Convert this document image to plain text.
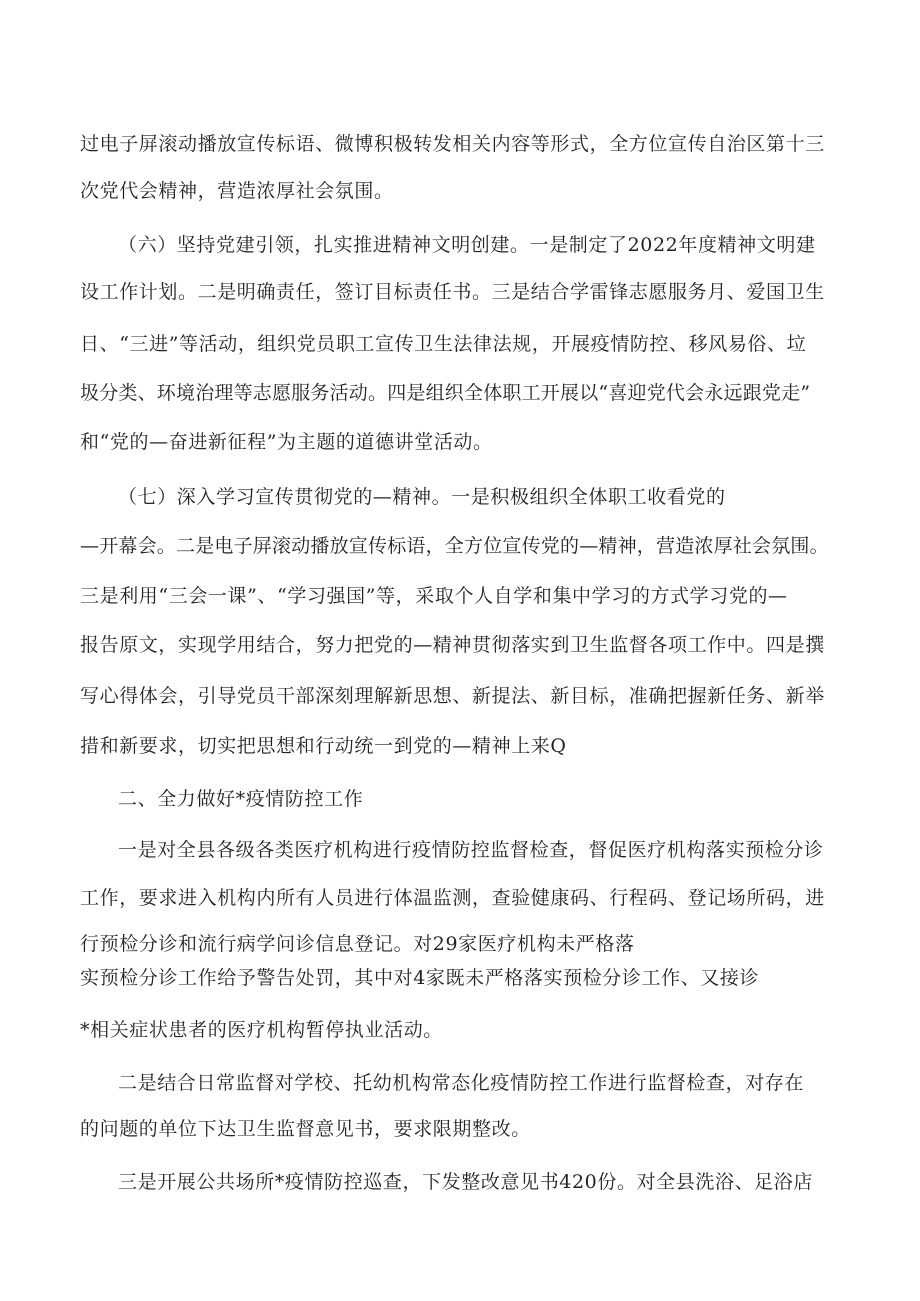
过电子屏滚动播放宣传标语、微博积极转发相关内容等形式，全方位宣传自治区第十三
次党代会精神，营造浓厚社会氛围。
（六）坚持党建引领，扎实推进精神文明创建。一是制定了2022年度精神文明建
设工作计划。二是明确责任，签订目标责任书。三是结合学雷锋志愿服务月、爱国卫生
日、“三进”等活动，组织党员职工宣传卫生法律法规，开展疫情防控、移风易俗、垃
圾分类、环境治理等志愿服务活动。四是组织全体职工开展以“喜迎党代会永远跟党走”
和“党的—奋进新征程”为主题的道德讲堂活动。
（七）深入学习宣传贯彻党的—精神。一是积极组织全体职工收看党的
—开幕会。二是电子屏滚动播放宣传标语，全方位宣传党的—精神，营造浓厚社会氛围。
三是利用“三会一课”、“学习强国”等，采取个人自学和集中学习的方式学习党的—
报告原文，实现学用结合，努力把党的—精神贯彻落实到卫生监督各项工作中。四是撰
写心得体会，引导党员干部深刻理解新思想、新提法、新目标，准确把握新任务、新举
措和新要求，切实把思想和行动统一到党的—精神上来Q
二、全力做好*疫情防控工作
一是对全县各级各类医疗机构进行疫情防控监督检查，督促医疗机构落实预检分诊
工作，要求进入机构内所有人员进行体温监测，查验健康码、行程码、登记场所码，进
行预检分诊和流行病学问诊信息登记。对29家医疗机构未严格落
实预检分诊工作给予警告处罚，其中对4家既未严格落实预检分诊工作、又接诊
*相关症状患者的医疗机构暂停执业活动。
二是结合日常监督对学校、托幼机构常态化疫情防控工作进行监督检查，对存在
的问题的单位下达卫生监督意见书，要求限期整改。
三是开展公共场所*疫情防控巡查，下发整改意见书420份。对全县洗浴、足浴店
